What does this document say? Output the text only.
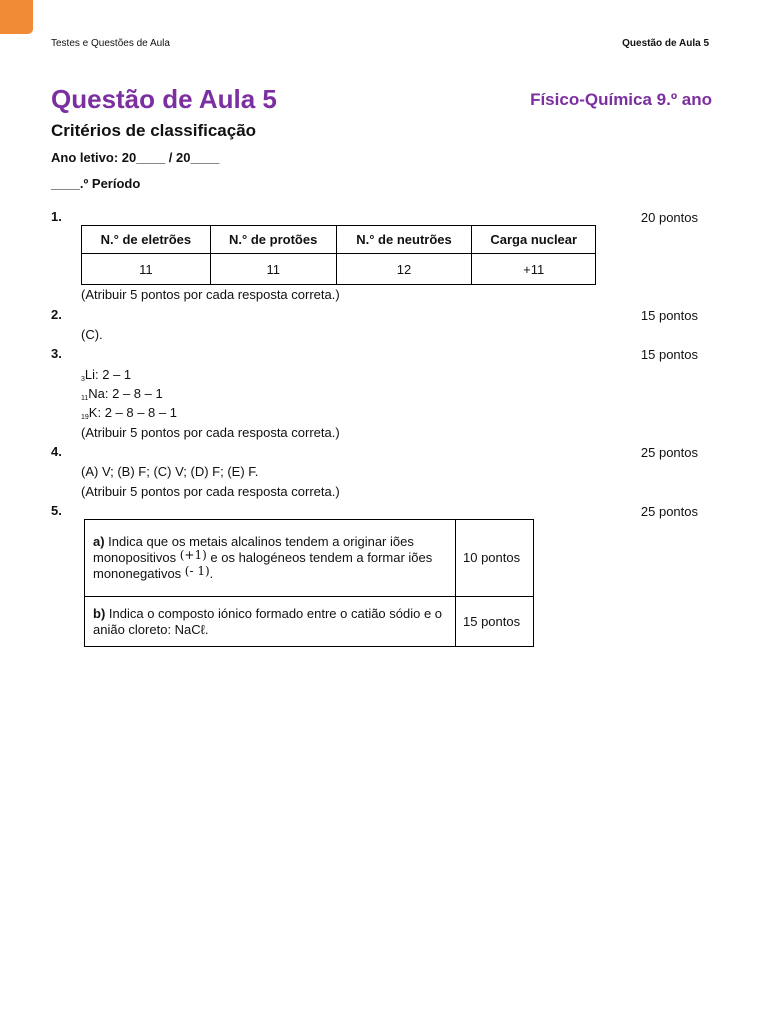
Testes e Questões de Aula	Questão de Aula 5
Questão de Aula 5	Físico-Química 9.º ano
Critérios de classificação
Ano letivo: 20____ / 20____
____.º Período
1.	20 pontos
N.° de eletrões	N.° de protões	N.° de neutrões	Carga nuclear
11	11	12	+11
(Atribuir 5 pontos por cada resposta correta.)
2.	15 pontos
(C).
3.	15 pontos
$_3$Li: 2 – 1
$_{11}$Na: 2 – 8 – 1
$_{19}$K: 2 – 8 – 8 – 1
(Atribuir 5 pontos por cada resposta correta.)
4.	25 pontos
(A) V; (B) F; (C) V; (D) F; (E) F.
(Atribuir 5 pontos por cada resposta correta.)
5.	25 pontos
a) Indica que os metais alcalinos tendem a originar iões monopositivos (+1) e os halogéneos tendem a formar iões mononegativos (- 1).	10 pontos
b) Indica o composto iónico formado entre o catião sódio e o anião cloreto: NaCℓ.	15 pontos
